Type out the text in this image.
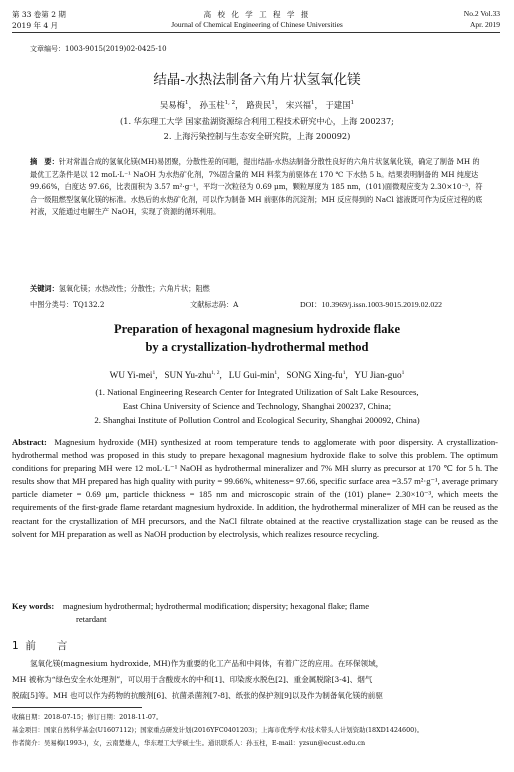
第 33 卷第 2 期
2019 年 4 月
高 校 化 学 工 程 学 报
Journal of Chemical Engineering of Chinese Universities
No.2 Vol.33
Apr. 2019
文章编号：1003-9015(2019)02-0425-10
结晶-水热法制备六角片状氢氧化镁
吴易梅$^1$， 孙玉柱$^{1, 2}$， 路贵民$^1$， 宋兴福$^1$， 于建国$^1$
(1. 华东理工大学 国家盐湖资源综合利用工程技术研究中心，上海 200237;
2. 上海污染控制与生态安全研究院，上海 200092)
摘　要：针对常温合成的氢氧化镁(MH)易团聚，分散性差的问题，提出结晶-水热法制备分散性良好的六角片状氢氧化镁，确定了制备 MH 的最优工艺条件是以 12 moL·L⁻¹ NaOH 为水热矿化剂，7%固含量的 MH 料浆为前驱体在 170 ℃ 下水热 5 h。结果表明制备的 MH 纯度达 99.66%，白度达 97.66，比表面积为 3.57 m²·g⁻¹，平均一次粒径为 0.69 μm，颗粒厚度为 185 nm，(101)面微观应变为 2.30×10⁻³，符合一级阻燃型氢氧化镁的标准。水热后的水热矿化剂，可以作为制备 MH 前驱体的沉淀剂；MH 反应得到的 NaCl 滤液既可作为反应过程的底衬液，又能通过电解生产 NaOH，实现了资源的循环利用。
关键词：氢氧化镁；水热改性；分散性；六角片状；阻燃
中图分类号：TQ132.2	文献标志码：A	DOI：10.3969/j.issn.1003-9015.2019.02.022
Preparation of hexagonal magnesium hydroxide flake
by a crystallization-hydrothermal method
WU Yi-mei$^1$,   SUN Yu-zhu$^{1, 2}$,   LU Gui-$\min^1$,   SONG Xing-$fu^1$,   YU Jian-guo$^1$
(1. National Engineering Research Center for Integrated Utilization of Salt Lake Resources,
East China University of Science and Technology, Shanghai 200237, China;
2. Shanghai Institute of Pollution Control and Ecological Security, Shanghai 200092, China)
Abstract: Magnesium hydroxide (MH) synthesized at room temperature tends to agglomerate with poor dispersity. A crystallization-hydrothermal method was proposed in this study to prepare hexagonal magnesium hydroxide flake to solve this problem. The optimum conditions for preparing MH were 12 moL·L⁻¹ NaOH as hydrothermal mineralizer and 7% MH slurry as precursor at 170 ℃ for 5 h. The results show that MH prepared has high quality with purity = 99.66%, whiteness= 97.66, specific surface area =3.57 m²·g⁻¹, average primary particle diameter = 0.69 μm, particle thickness = 185 nm and microscopic strain of the (101) plane= 2.30×10⁻³, which meets the requirements of the first-grade flame retardant magnesium hydroxide. In addition, the hydrothermal mineralizer of MH can be reused as the reactant for the crystallization of MH precursors, and the NaCl filtrate obtained at the reactive crystallization stage can be reused as the solvent for MH preparation as well as NaOH production by electrolysis, which realizes resource recycling.
Key words: magnesium hydrothermal; hydrothermal modification; dispersity; hexagonal flake; flame
retardant
1 前　　言
氢氧化镁(magnesium hydroxide, MH)作为重要的化工产品和中间体，有着广泛的应用。在环保领域，
MH 被称为“绿色安全水处理剂”，可以用于含酸废水的中和[1]、印染废水脱色[2]、重金属脱除[3-4]、烟气
脱硫[5]等。MH 也可以作为药物的抗酸剂[6]、抗菌杀菌剂[7-8]、纸张的保护剂[9]以及作为制备氧化镁的前驱
收稿日期：2018-07-15；修订日期：2018-11-07。
基金项目：国家自然科学基金(U1607112)；国家重点研发计划(2016YFC0401203)；上海市优秀学术/技术带头人计划资助(18XD1424600)。
作者简介：吴易梅(1993-)，女，云南楚雄人，华东理工大学硕士生。通讯联系人：孙玉柱，E-mail：yzsun@ecust.edu.cn
